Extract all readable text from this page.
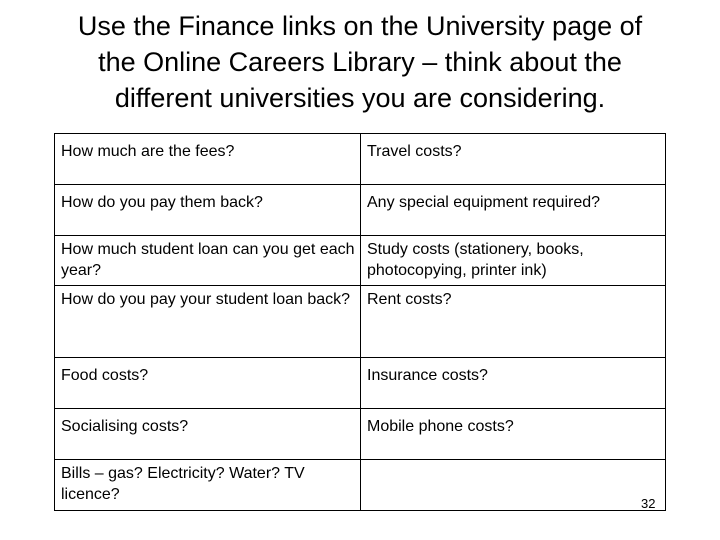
Use the Finance links on the University page of
the Online Careers Library – think about the
different universities you are considering.
How much are the fees?	Travel costs?
How do you pay them back?	Any special equipment required?
How much student loan can you get each year?	Study costs (stationery, books, photocopying, printer ink)
How do you pay your student loan back?	Rent costs?
Food costs?	Insurance costs?
Socialising costs?	Mobile phone costs?
Bills – gas? Electricity? Water? TV licence?	
32
